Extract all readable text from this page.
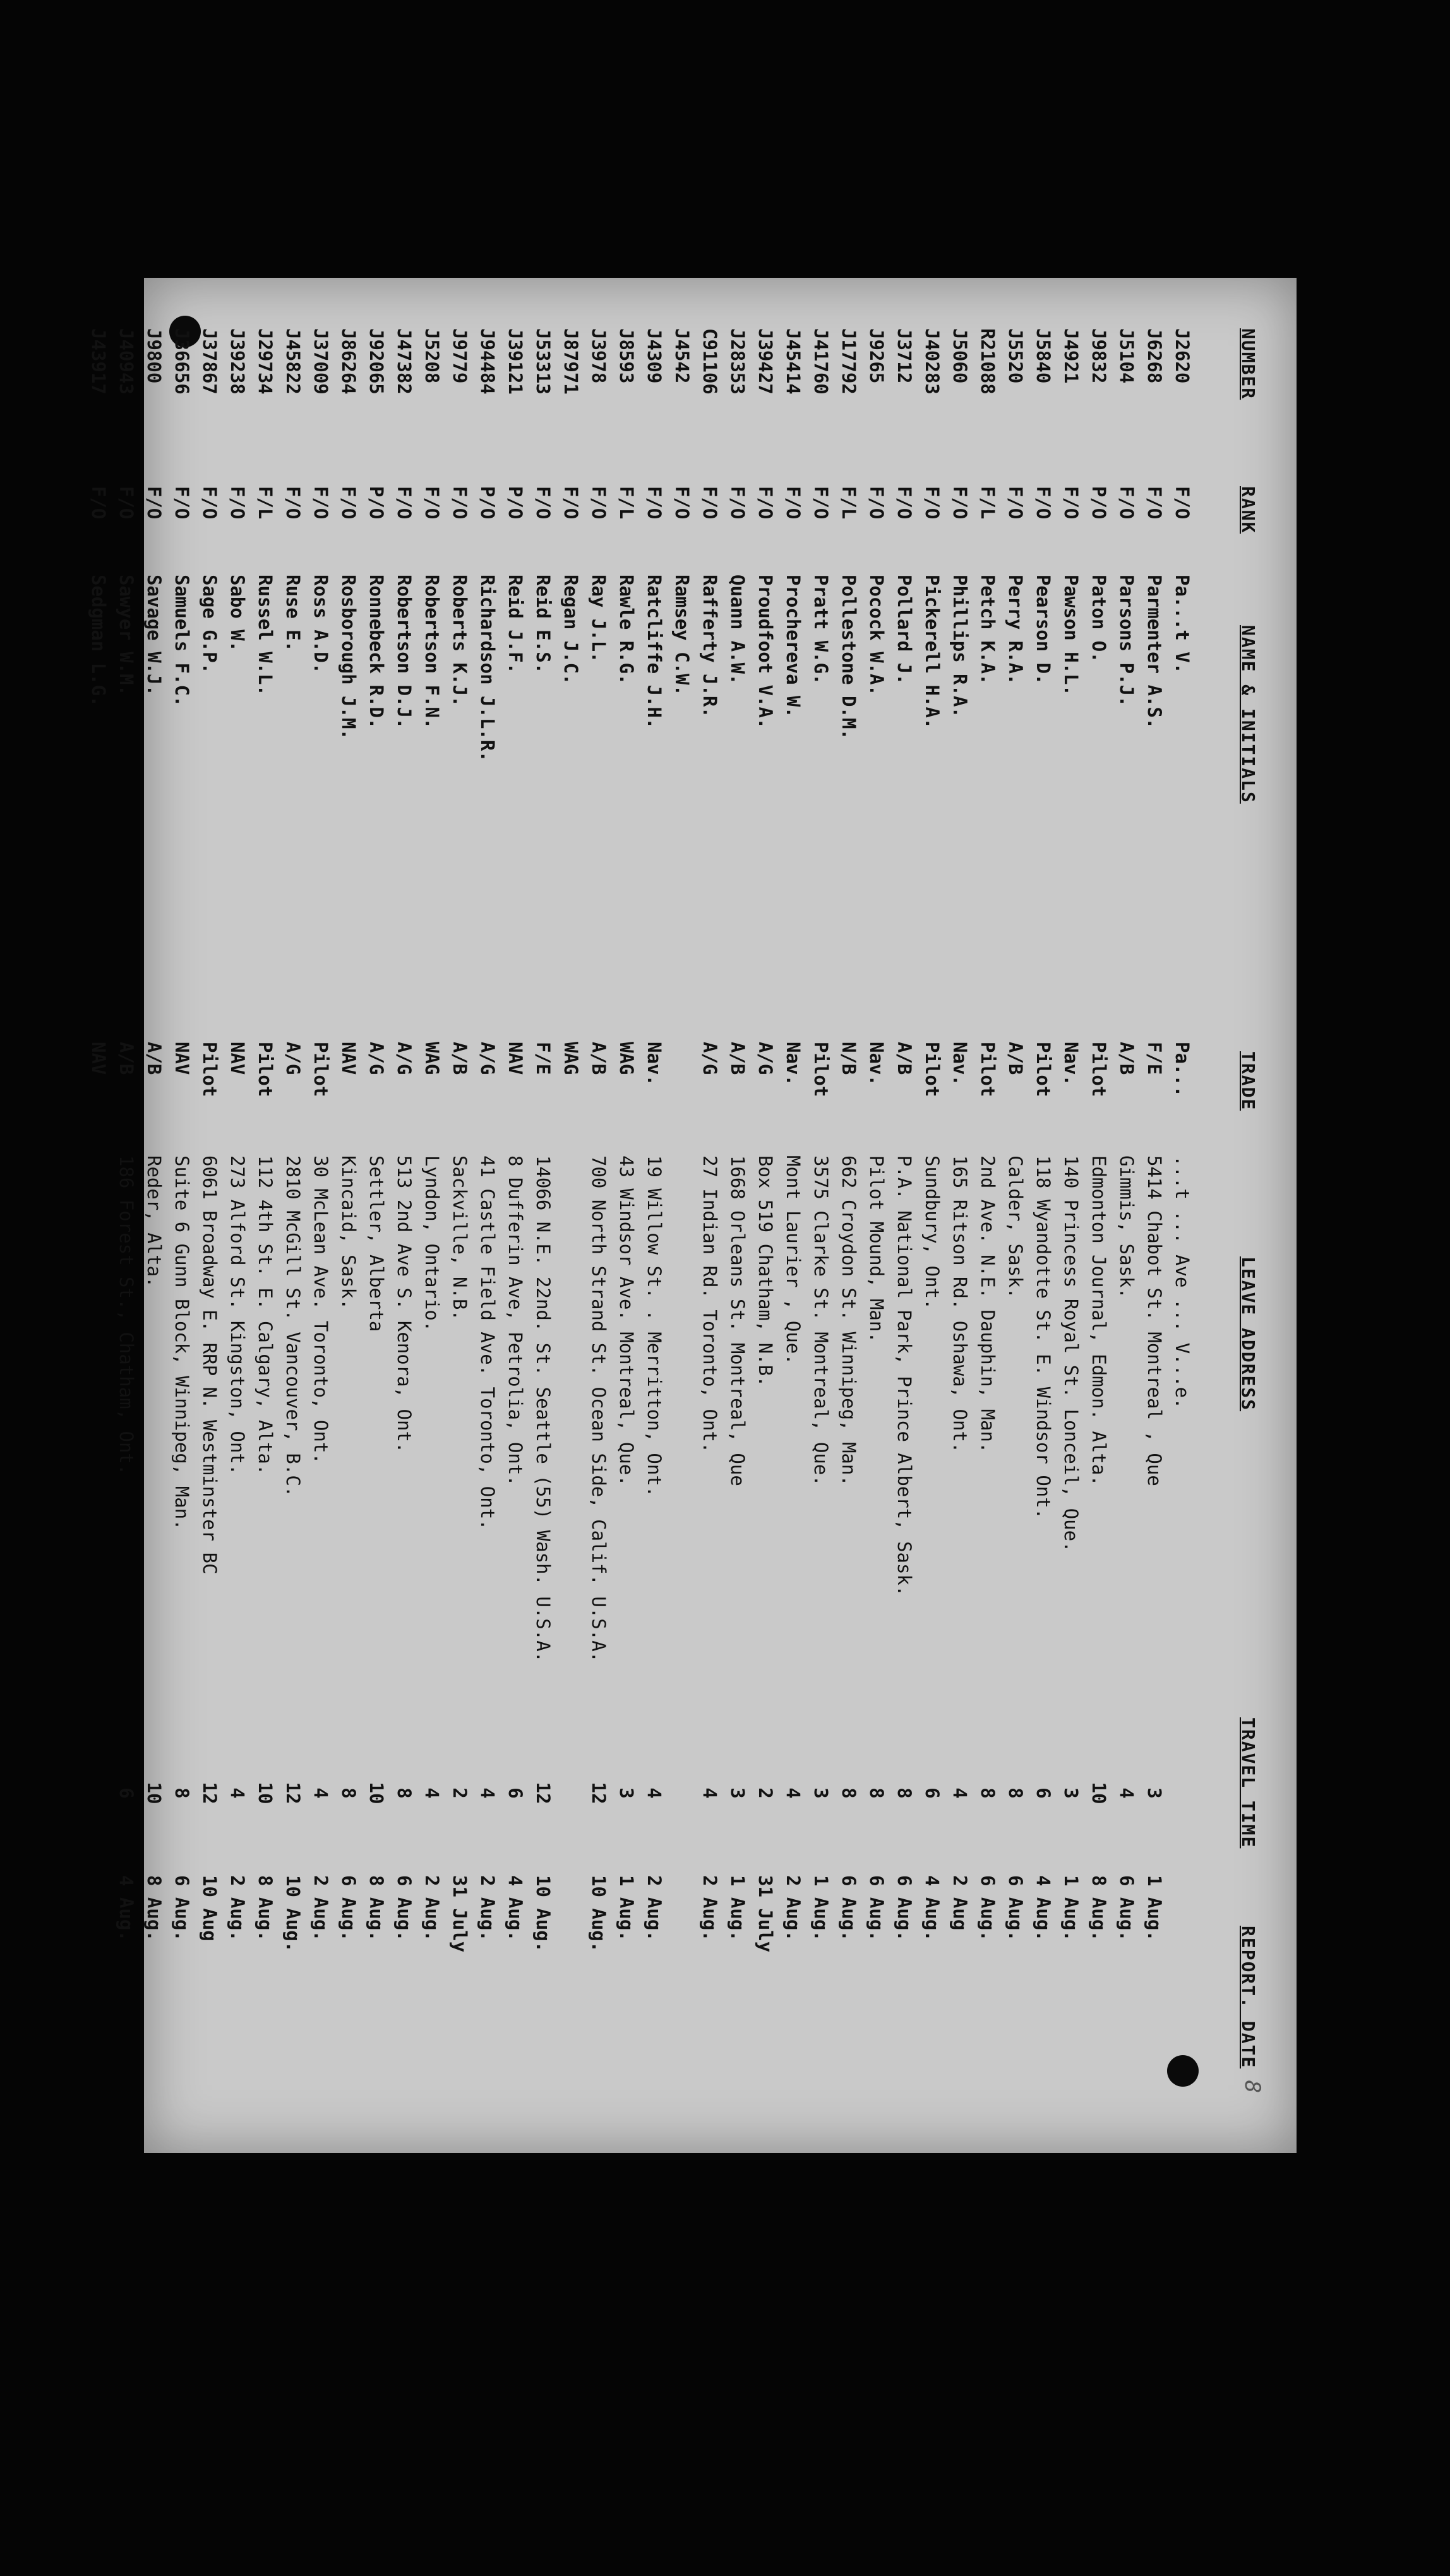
8
NUMBER
RANK
NAME & INITIALS
TRADE
LEAVE ADDRESS
TRAVEL TIME
REPORT. DATE
J2620
F/O
Pa...t V.
Pa...
...t ... Ave ... V...e.
J6268
F/O
Parmenter A.S.
F/E
5414 Chabot St. Montreal , Que
3
1 Aug.
J5104
F/O
Parsons P.J.
A/B
Gimmis, Sask.
4
6 Aug.
J9832
P/O
Paton O.
Pilot
Edmonton Journal, Edmon. Alta.
10
8 Aug.
J4921
F/O
Pawson H.L.
Nav.
140 Princess Royal St. Lonceil, Que.
3
1 Aug.
J5840
F/O
Pearson D.
Pilot
118 Wyandotte St. E. Windsor Ont.
6
4 Aug.
J5520
F/O
Perry R.A.
A/B
Calder, Sask.
8
6 Aug.
R21088
F/L
Petch K.A.
Pilot
2nd Ave. N.E. Dauphin, Man.
8
6 Aug.
J5060
F/O
Phillips R.A.
Nav.
165 Ritson Rd. Oshawa, Ont.
4
2 Aug
J40283
F/O
Pickerell H.A.
Pilot
Sundbury, Ont.
6
4 Aug.
J3712
F/O
Pollard J.
A/B
P.A. National Park, Prince Albert, Sask.
8
6 Aug.
J9265
F/O
Pocock W.A.
Nav.
Pilot Mound, Man.
8
6 Aug.
J17792
F/L
Pollestone D.M.
N/B
662 Croydon St. Winnipeg, Man.
8
6 Aug.
J41760
F/O
Pratt W.G.
Pilot
3575 Clarke St. Montreal, Que.
3
1 Aug.
J45414
F/O
Prochereva W.
Nav.
Mont Laurier , Que.
4
2 Aug.
J39427
F/O
Proudfoot V.A.
A/G
Box 519 Chatham, N.B.
2
31 July
J28353
F/O
Quann A.W.
A/B
1668 Orleans St. Montreal, Que
3
1 Aug.
C91106
F/O
Rafferty J.R.
A/G
27 Indian Rd. Toronto, Ont.
4
2 Aug.
J4542
F/O
Ramsey C.W.
J4309
F/O
Ratcliffe J.H.
Nav.
19 Willow St. . Merritton, Ont.
4
2 Aug.
J8593
F/L
Rawle R.G.
WAG
43 Windsor Ave. Montreal, Que.
3
1 Aug.
J3978
F/O
Ray J.L.
A/B
700 North Strand St. Ocean Side, Calif. U.S.A.
12
10 Aug.
J87971
F/O
Regan J.C.
WAG
J53313
F/O
Reid E.S.
F/E
14066 N.E. 22nd. St. Seattle (55) Wash. U.S.A.
12
10 Aug.
J39121
P/O
Reid J.F.
NAV
8 Dufferin Ave, Petrolia, Ont.
6
4 Aug.
J94484
P/O
Richardson J.L.R.
A/G
41 Castle Field Ave. Toronto, Ont.
4
2 Aug.
J9779
F/O
Roberts K.J.
A/B
Sackville, N.B.
2
31 July
J5208
F/O
Robertson F.N.
WAG
Lyndon, Ontario.
4
2 Aug.
J47382
F/O
Robertson D.J.
A/G
513 2nd Ave S. Kenora, Ont.
8
6 Aug.
J92065
P/O
Ronnebeck R.D.
A/G
Settler, Alberta
10
8 Aug.
J86264
F/O
Rosborough J.M.
NAV
Kincaid, Sask.
8
6 Aug.
J37009
F/O
Ross A.D.
Pilot
30 McLean Ave. Toronto, Ont.
4
2 Aug.
J45822
F/O
Ruse E.
A/G
2810 McGill St. Vancouver, B.C.
12
10 Aug.
J29734
F/L
Russel W.L.
Pilot
112 4th St. E. Calgary, Alta.
10
8 Aug.
J39238
F/O
Sabo W.
NAV
273 Alford St. Kingston, Ont.
4
2 Aug.
J37867
F/O
Sage G.P.
Pilot
6061 Broadway E. RRP N. Westminster BC
12
10 Aug
J36656
F/O
Samuels F.C.
NAV
Suite 6 Gunn Block, Winnipeg, Man.
8
6 Aug.
J9800
F/O
Savage W.J.
A/B
Reder, Alta.
10
8 Aug.
J40943
F/O
Sawyer W.M.
A/B
186 Forest St., Chatham, Ont.
6
4 Aug.
J43917
F/O
Sedgman L.G.
NAV
